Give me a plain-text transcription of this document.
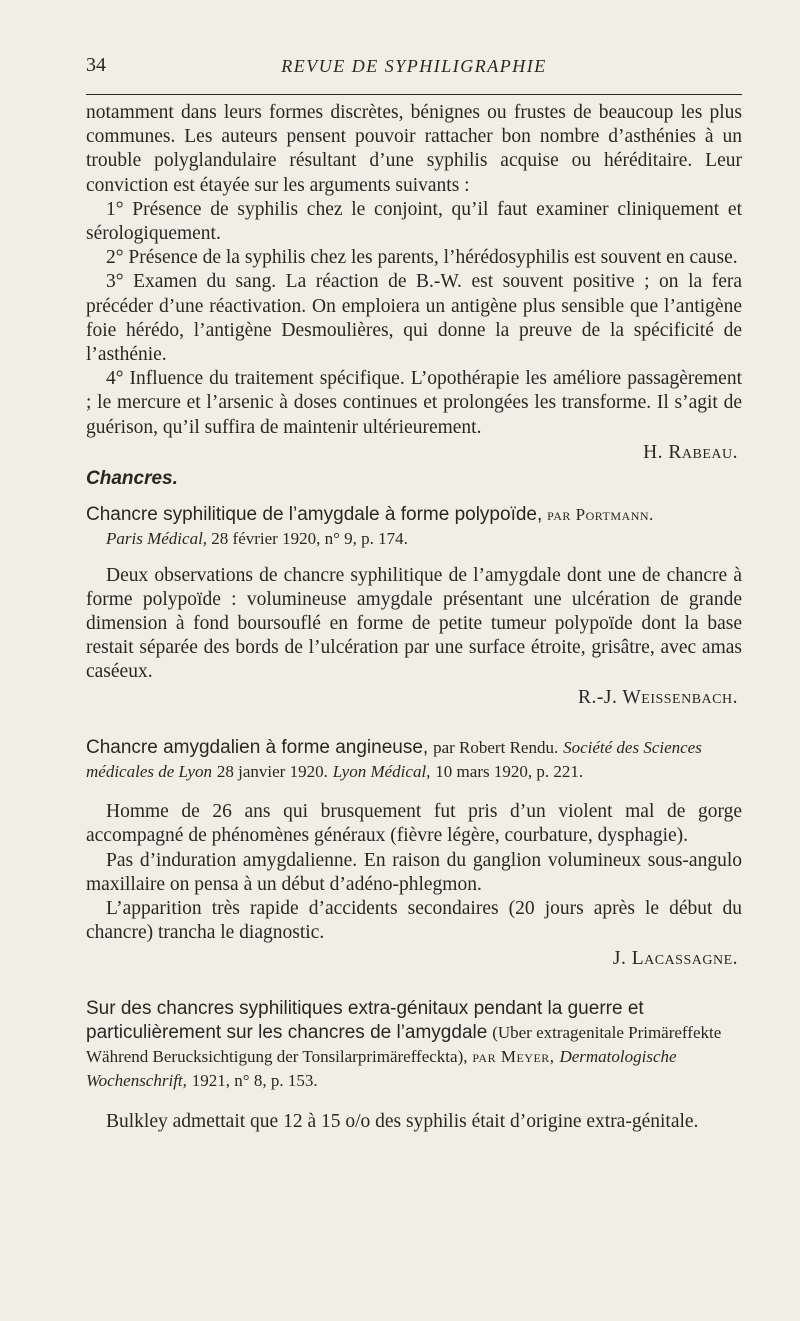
34	REVUE DE SYPHILIGRAPHIE

notamment dans leurs formes discrètes, bénignes ou frustes de beaucoup les plus communes. Les auteurs pensent pouvoir rattacher bon nombre d’asthénies à un trouble polyglandulaire résultant d’une syphilis acquise ou héréditaire. Leur conviction est étayée sur les arguments suivants :

1° Présence de syphilis chez le conjoint, qu’il faut examiner cliniquement et sérologiquement.

2° Présence de la syphilis chez les parents, l’hérédosyphilis est souvent en cause.

3° Examen du sang. La réaction de B.-W. est souvent positive ; on la fera précéder d’une réactivation. On emploiera un antigène plus sensible que l’antigène foie hérédo, l’antigène Desmoulières, qui donne la preuve de la spécificité de l’asthénie.

4° Influence du traitement spécifique. L’opothérapie les améliore passagèrement ; le mercure et l’arsenic à doses continues et prolongées les transforme. Il s’agit de guérison, qu’il suffira de maintenir ultérieurement.

H. Rabeau.
Chancres.

Chancre syphilitique de l’amygdale à forme polypoïde, par Portmann.
Paris Médical, 28 février 1920, n° 9, p. 174.

Deux observations de chancre syphilitique de l’amygdale dont une de chancre à forme polypoïde : volumineuse amygdale présentant une ulcération de grande dimension à fond boursouflé en forme de petite tumeur polypoïde dont la base restait séparée des bords de l’ulcération par une surface étroite, grisâtre, avec amas caséeux.

R.-J. Weissenbach.

Chancre amygdalien à forme angineuse, par Robert Rendu. Société des Sciences médicales de Lyon 28 janvier 1920. Lyon Médical, 10 mars 1920, p. 221.

Homme de 26 ans qui brusquement fut pris d’un violent mal de gorge accompagné de phénomènes généraux (fièvre légère, courbature, dysphagie).

Pas d’induration amygdalienne. En raison du ganglion volumineux sous-angulo maxillaire on pensa à un début d’adéno-phlegmon.

L’apparition très rapide d’accidents secondaires (20 jours après le début du chancre) trancha le diagnostic.

J. Lacassagne.

Sur des chancres syphilitiques extra-génitaux pendant la guerre et particulièrement sur les chancres de l’amygdale (Uber extragenitale Primäreffekte Während Berucksichtigung der Tonsilarprimäreffeckta), par Meyer, Dermatologische Wochenschrift, 1921, n° 8, p. 153.

Bulkley admettait que 12 à 15 o/o des syphilis était d’origine extra-génitale.
